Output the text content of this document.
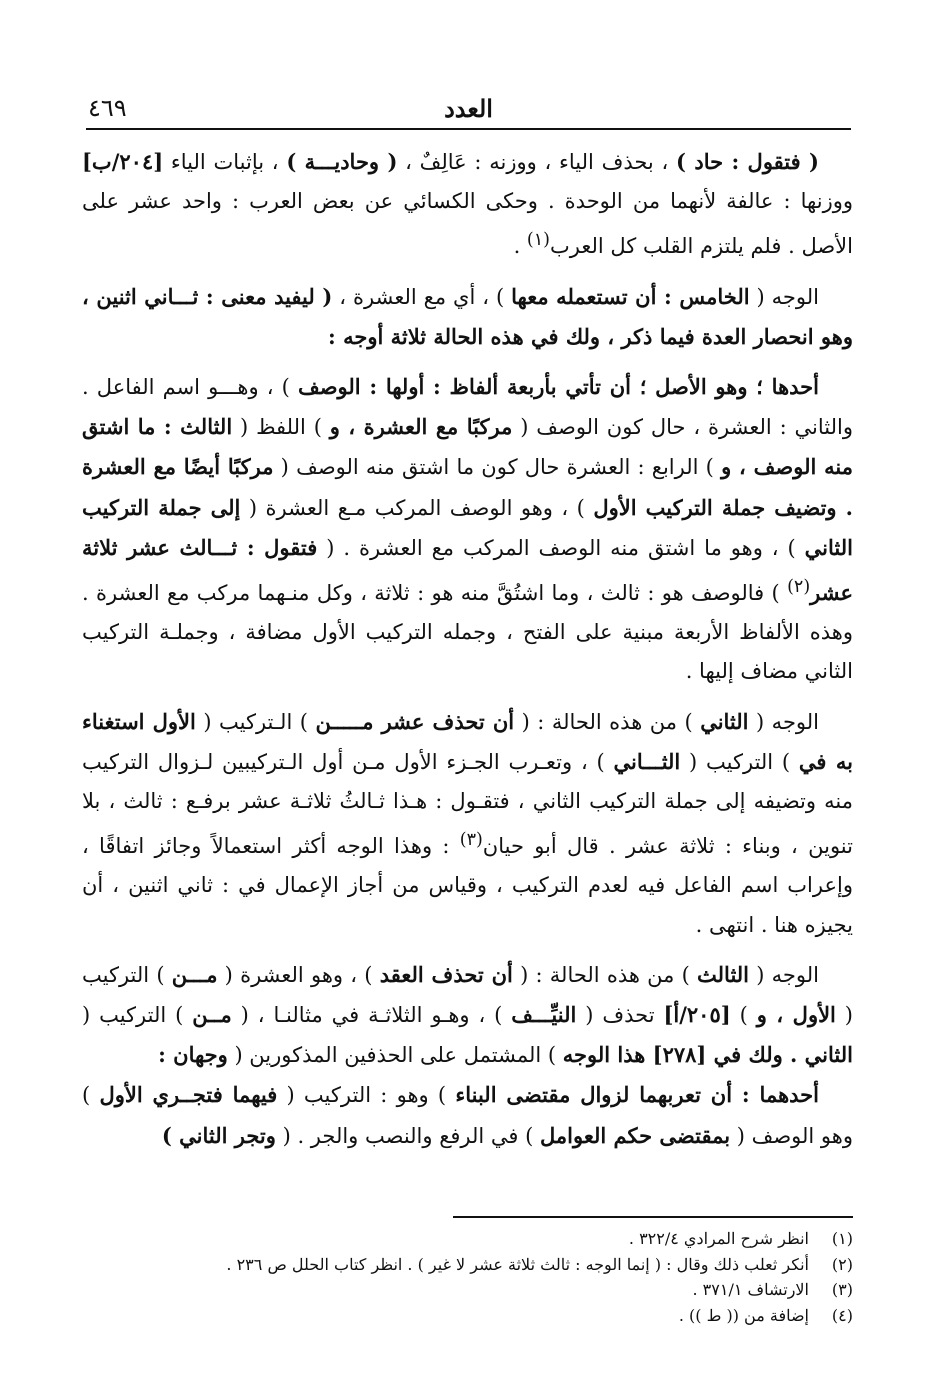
العدد
٤٦٩

( فتقول : حاد ) ، بحذف الياء ، ووزنه : عَالِفٌ ، ( وحاديـــة ) ، بإثبات الياء [٢٠٤/ب] ووزنها : عالفة لأنهما من الوحدة . وحكى الكسائي عن بعض العرب : واحد عشر على الأصل . فلم يلتزم القلب كل العرب$^{(١)}$ .

الوجه ( الخامس : أن تستعمله معها ) ، أي مع العشرة ، ( ليفيد معنى : ثـــاني اثنين ، وهو انحصار العدة فيما ذكر ، ولك في هذه الحالة ثلاثة أوجه :

أحدها ؛ وهو الأصل ؛ أن تأتي بأربعة ألفاظ : أولها : الوصف ) ، وهـــو اسم الفاعل . والثاني : العشرة ، حال كون الوصف ( مركبًا مع العشرة ، و ) اللفظ ( الثالث : ما اشتق منه الوصف ، و ) الرابع : العشرة حال كون ما اشتق منه الوصف ( مركبًا أيضًا مع العشرة . وتضيف جملة التركيب الأول ) ، وهو الوصف المركب مـع العشرة ( إلى جملة التركيب الثاني ) ، وهو ما اشتق منه الوصف المركب مع العشرة . ( فتقول : ثـــالث عشر ثلاثة عشر$^{(٢)}$ ) فالوصف هو : ثالث ، وما اشتُقَّ منه هو : ثلاثة ، وكل منـهما مركب مع العشرة . وهذه الألفاظ الأربعة مبنية على الفتح ، وجمله التركيب الأول مضافة ، وجملـة التركيب الثاني مضاف إليها .

الوجه ( الثاني ) من هذه الحالة : ( أن تحذف عشر مـــــن ) الـتركيب ( الأول استغناء به في ) التركيب ( الثـــاني ) ، وتعـرب الجـزء الأول مـن أول الـتركيبين لـزوال التركيب منه وتضيفه إلى جملة التركيب الثاني ، فتقـول : هـذا ثـالثُ ثلاثـة عشر برفـع : ثالث ، بلا تنوين ، وبناء : ثلاثة عشر . قال أبو حيان$^{(٣)}$ : وهذا الوجه أكثر استعمالاً وجائز اتفاقًا ، وإعراب اسم الفاعل فيه لعدم التركيب ، وقياس من أجاز الإعمال في : ثاني اثنين ، أن يجيزه هنا . انتهى .

الوجه ( الثالث ) من هذه الحالة : ( أن تحذف العقد ) ، وهو العشرة ( مـــن ) التركيب ( الأول ، و ) [٢٠٥/أ] تحذف ( النيِّـــف ) ، وهـو الثلاثـة في مثالنـا ، ( مــن ) التركيب ( الثاني . ولك في [٢٧٨] هذا الوجه ) المشتمل على الحذفين المذكورين ( وجهان :

أحدهما : أن تعربهما لزوال مقتضى البناء ) وهو : التركيب ( فيهما فتجــري الأول ) وهو الوصف ( بمقتضى حكم العوامل ) في الرفع والنصب والجر . ( وتجر الثاني )

(١)
انظر شرح المرادي ٣٢٢/٤ .
(٢)
أنكر ثعلب ذلك وقال : ( إنما الوجه : ثالث ثلاثة عشر لا غير ) . انظر كتاب الحلل ص ٢٣٦ .
(٣)
الارتشاف ٣٧١/١ .
(٤)
إضافة من (( ط )) .
